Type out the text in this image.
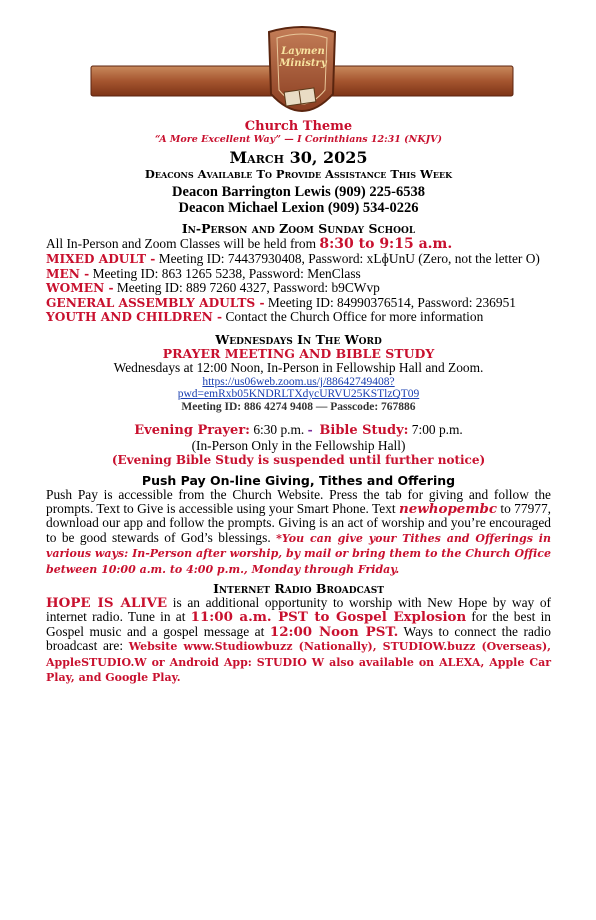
Laymen
Ministry

Church Theme

“A More Excellent Way” — I Corinthians 12:31 (NKJV)

March 30, 2025

Deacons Available To Provide Assistance This Week

Deacon Barrington Lewis (909) 225-6538

Deacon Michael Lexion (909) 534-0226

In-Person and Zoom Sunday School

All In-Person and Zoom Classes will be held from 8:30 to 9:15 a.m.

MIXED ADULT - Meeting ID: 74437930408, Password: xLɸUnU (Zero, not the letter O)

MEN - Meeting ID: 863 1265 5238, Password: MenClass

WOMEN - Meeting ID: 889 7260 4327, Password: b9CWvp

GENERAL ASSEMBLY ADULTS - Meeting ID: 84990376514, Password: 236951

YOUTH AND CHILDREN - Contact the Church Office for more information

Wednesdays In The Word

PRAYER MEETING AND BIBLE STUDY

Wednesdays at 12:00 Noon, In-Person in Fellowship Hall and Zoom.

https://us06web.zoom.us/j/88642749408?

pwd=emRxb05KNDRLTXdycURVU25KSTlzQT09

Meeting ID: 886 4274 9408 — Passcode: 767886

Evening Prayer: 6:30 p.m. - Bible Study: 7:00 p.m.

(In-Person Only in the Fellowship Hall)

(Evening Bible Study is suspended until further notice)

Push Pay On-line Giving, Tithes and Offering

Push Pay is accessible from the Church Website. Press the tab for giving and follow the prompts. Text to Give is accessible using your Smart Phone. Text newhopembc to 77977, download our app and follow the prompts. Giving is an act of worship and you’re encouraged to be good stewards of God’s blessings. *You can give your Tithes and Offerings in various ways: In-Person after worship, by mail or bring them to the Church Office between 10:00 a.m. to 4:00 p.m., Monday through Friday.

Internet Radio Broadcast

HOPE IS ALIVE is an additional opportunity to worship with New Hope by way of internet radio. Tune in at 11:00 a.m. PST to Gospel Explosion for the best in Gospel music and a gospel message at 12:00 Noon PST. Ways to connect the radio broadcast are: Website www.Studiowbuzz (Nationally), STUDIOW.buzz (Overseas), AppleSTUDIO.W or Android App: STUDIO W also available on ALEXA, Apple Car Play, and Google Play.
